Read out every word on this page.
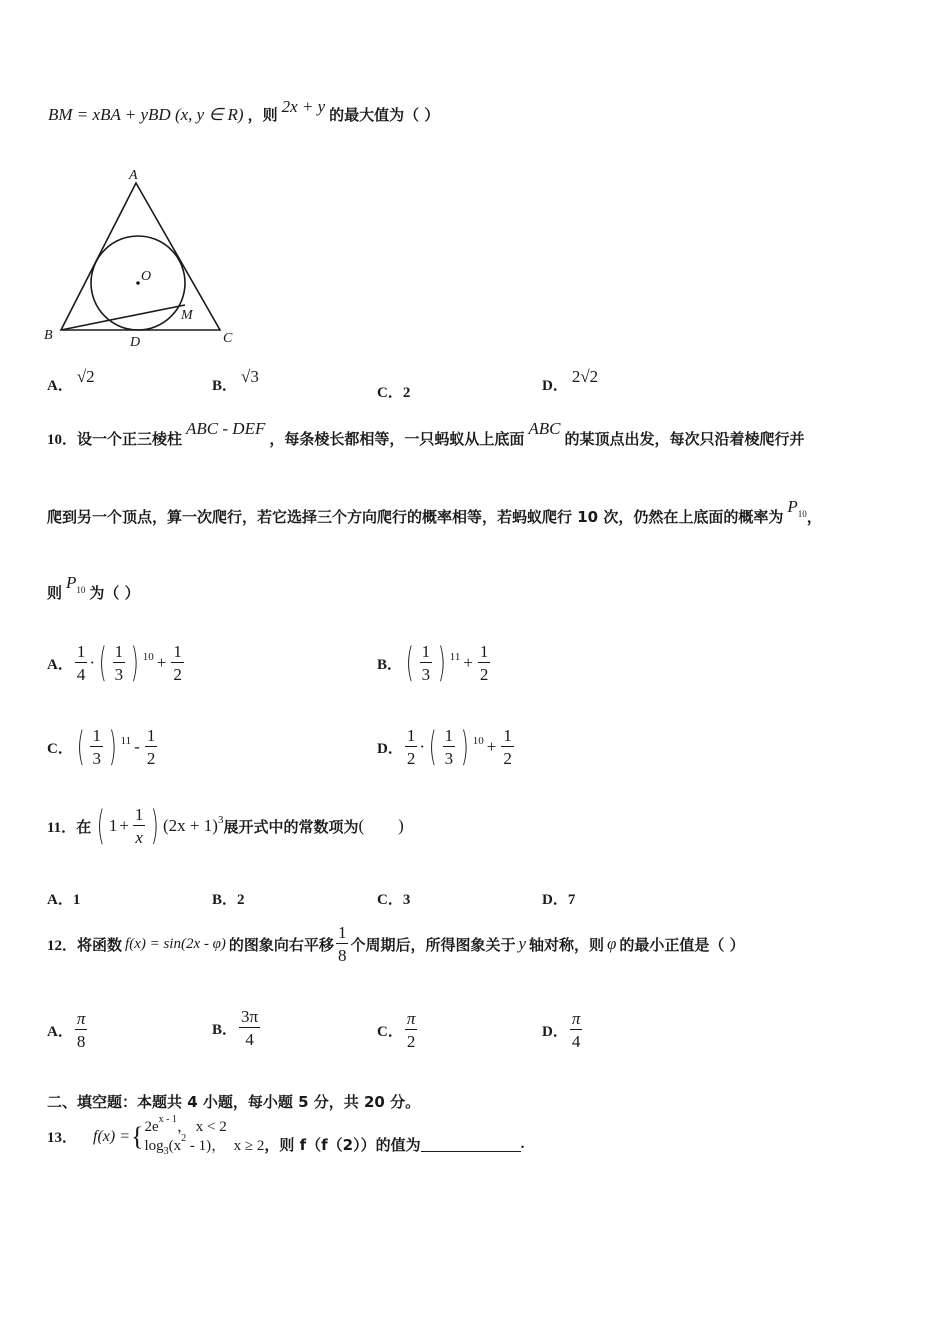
BM = xBA + yBD (x, y ∈ R) ，则 2x + y 的最大值为（ ）
A
B	C
D
O
M
A． √2	B． √3
C．2	D． 2√2
10．设一个正三棱柱 ABC - DEF ，每条棱长都相等，一只蚂蚁从上底面 ABC 的某顶点出发，每次只沿着棱爬行并
爬到另一个顶点，算一次爬行，若它选择三个方向爬行的概率相等，若蚂蚁爬行 10 次，仍然在上底面的概率为 $P^{10}$，
则 $P^{10}$ 为（ ）
A． $\frac{1}{4}$ · ( $\frac{1}{3}$ ) $10 + \frac{1}{2}$	B． ( $\frac{1}{3}$ ) $11 + \frac{1}{2}$
C． ( $\frac{1}{3}$ ) $11 - \frac{1}{2}$	D． $\frac{1}{2}$ · ( $\frac{1}{3}$ ) $10 + \frac{1}{2}$
11． 在 ( $1 + \frac{1}{x}$ ) (2x + 1) 3 展开式中的常数项为 (        )
A．1	B．2	C．3	D．7
12． 将函数 f(x) = sin(2x - φ) 的图象向右平移 $\frac{1}{8}$ 个周期后，所得图象关于 y 轴对称，则 φ 的最小正值是（ ）
A． $\frac{\pi}{8}$	B． $\frac{3\pi}{4}$	C． $\frac{\pi}{2}$	D． $\frac{\pi}{4}$
二、填空题：本题共 4 小题，每小题 5 分，共 20 分。
13． f(x) = { $2e^{x - 1}$， x < 2
$\log_3(x^2 - 1)$，  x ≥ 2 ，则 f（f（2））的值为	.
